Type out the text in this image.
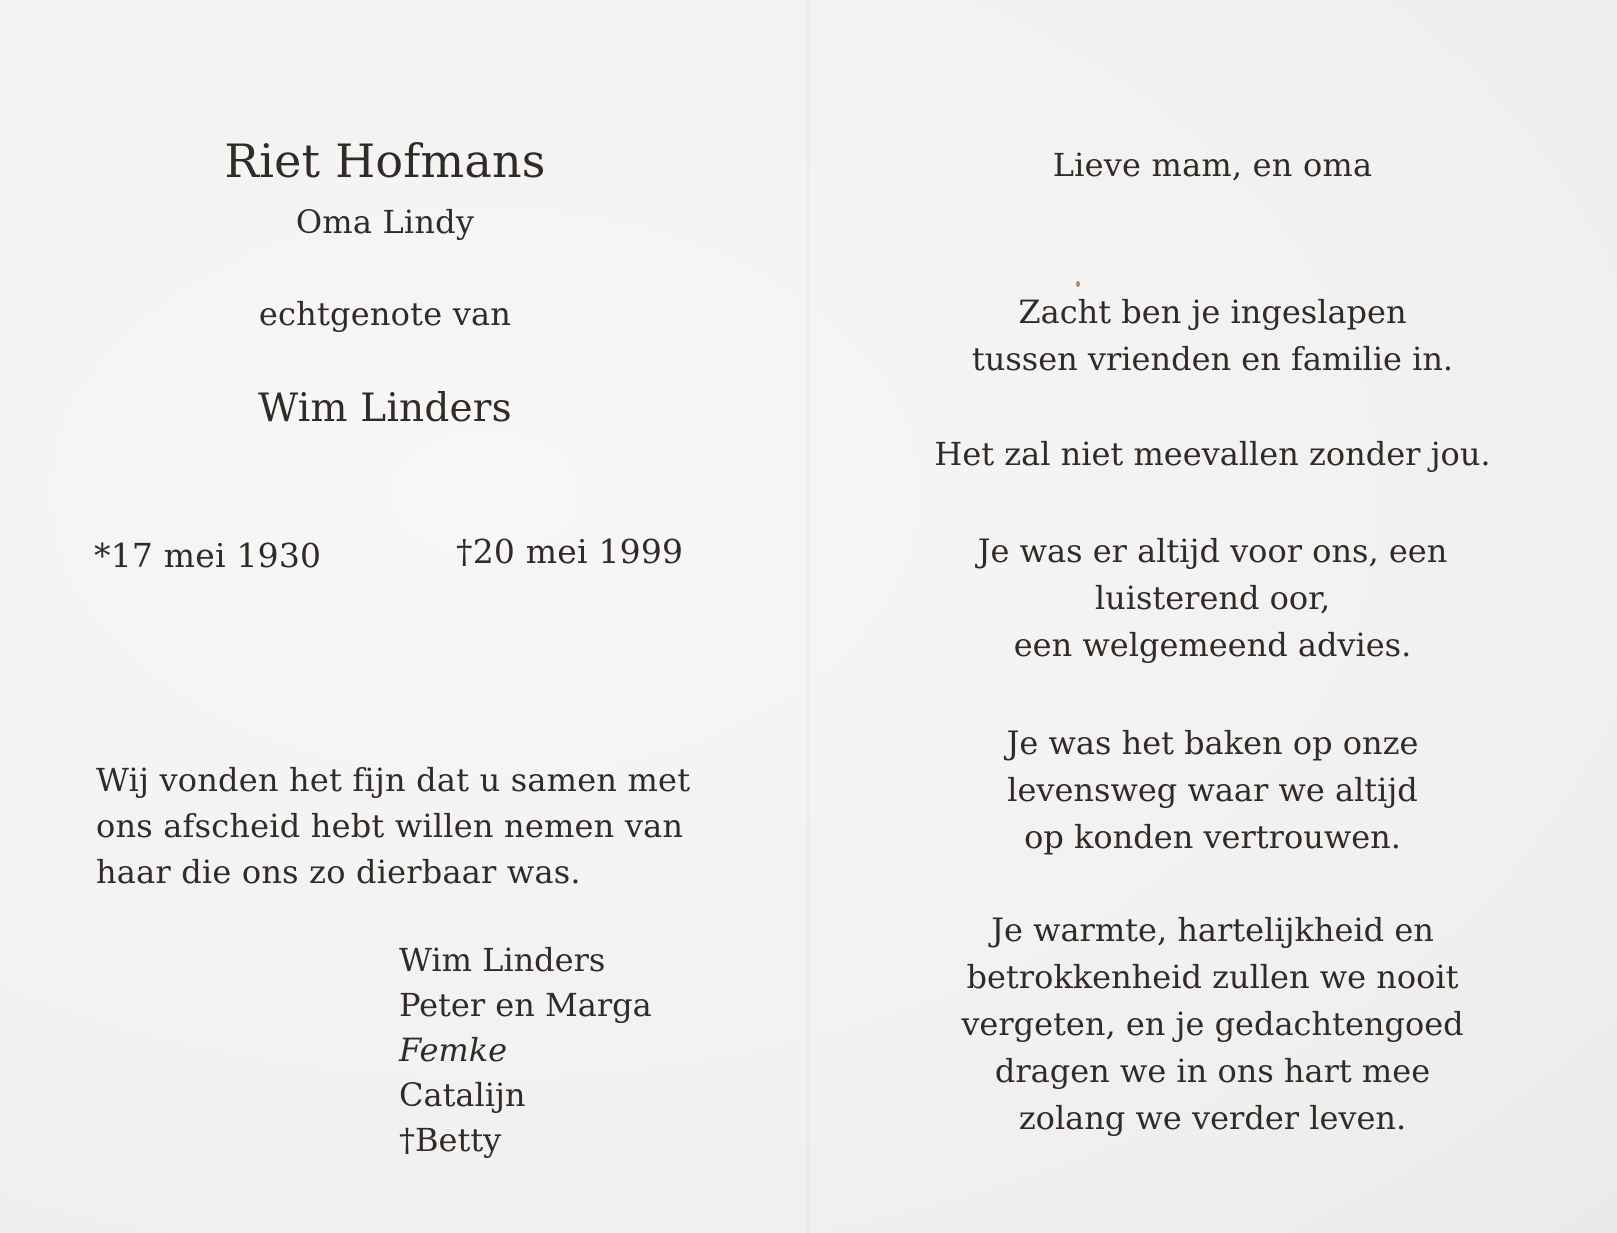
Riet Hofmans
Oma Lindy
echtgenote van
Wim Linders
*17 mei 1930	†20 mei 1999
Wij vonden het fijn dat u samen met
ons afscheid hebt willen nemen van
haar die ons zo dierbaar was.
Wim Linders
Peter en Marga
Femke
Catalijn
†Betty
Lieve mam, en oma
Zacht ben je ingeslapen
tussen vrienden en familie in.
Het zal niet meevallen zonder jou.
Je was er altijd voor ons, een
luisterend oor,
een welgemeend advies.
Je was het baken op onze
levensweg waar we altijd
op konden vertrouwen.
Je warmte, hartelijkheid en
betrokkenheid zullen we nooit
vergeten, en je gedachtengoed
dragen we in ons hart mee
zolang we verder leven.
